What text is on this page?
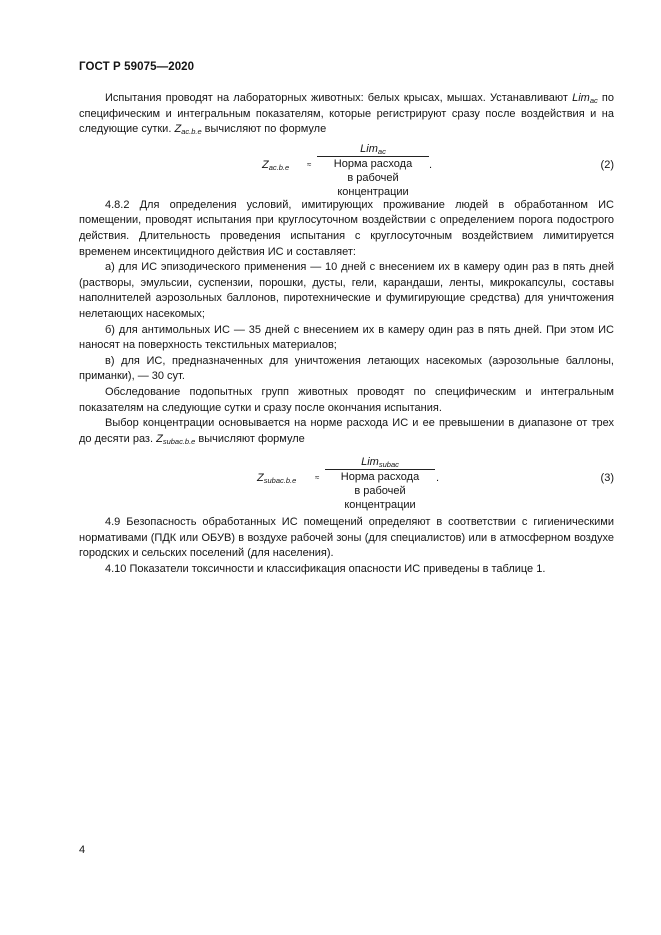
ГОСТ Р 59075—2020

Испытания проводят на лабораторных животных: белых крысах, мышах. Устанавливают Lim$_{ac}$ по специфическим и интегральным показателям, которые регистрируют сразу после воздействия и на следующие сутки. $Z_{ac.b.e}$ вычисляют по формуле

$Z_{ac.b.e}$ ≈
Lim$_{ac}$
Норма расхода
в рабочей концентрации
.	(2)

4.8.2 Для определения условий, имитирующих проживание людей в обработанном ИС помещении, проводят испытания при круглосуточном воздействии с определением порога подострого действия. Длительность проведения испытания с круглосуточным воздействием лимитируется временем инсектицидного действия ИС и составляет:

а) для ИС эпизодического применения — 10 дней с внесением их в камеру один раз в пять дней (растворы, эмульсии, суспензии, порошки, дусты, гели, карандаши, ленты, микрокапсулы, составы наполнителей аэрозольных баллонов, пиротехнические и фумигирующие средства) для уничтожения нелетающих насекомых;

б) для антимольных ИС — 35 дней с внесением их в камеру один раз в пять дней. При этом ИС наносят на поверхность текстильных материалов;

в) для ИС, предназначенных для уничтожения летающих насекомых (аэрозольные баллоны, приманки), — 30 сут.

Обследование подопытных групп животных проводят по специфическим и интегральным показателям на следующие сутки и сразу после окончания испытания.

Выбор концентрации основывается на норме расхода ИС и ее превышении в диапазоне от трех до десяти раз. $Z_{subac.b.e}$ вычисляют формуле

$Z_{subac.b.e}$ ≈
Lim$_{subac}$
Норма расхода
в рабочей концентрации
.	(3)

4.9 Безопасность обработанных ИС помещений определяют в соответствии с гигиеническими нормативами (ПДК или ОБУВ) в воздухе рабочей зоны (для специалистов) или в атмосферном воздухе городских и сельских поселений (для населения).

4.10 Показатели токсичности и классификация опасности ИС приведены в таблице 1.

4
